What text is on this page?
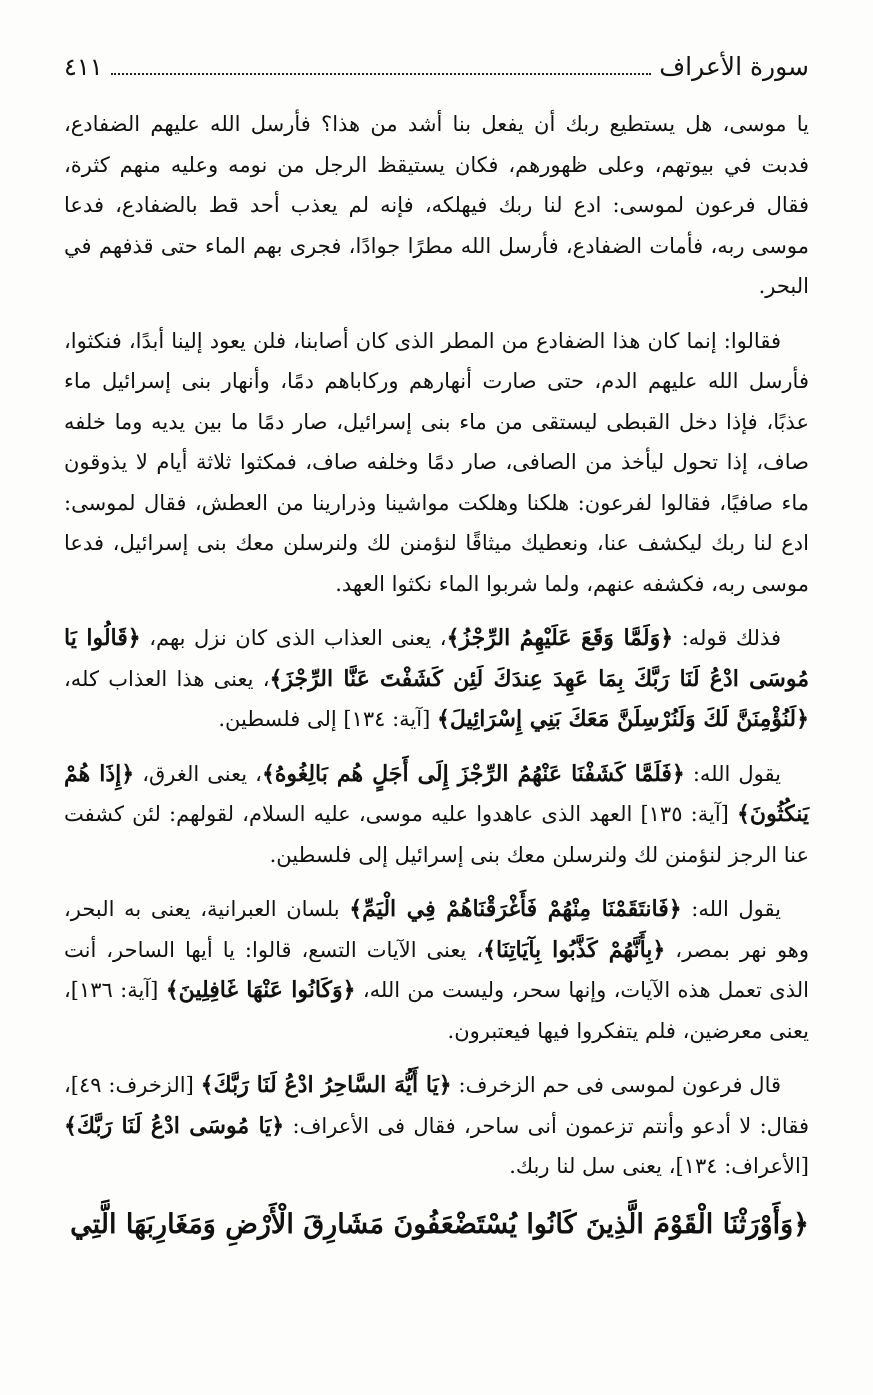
سورة الأعراف
٤١١

يا موسى، هل يستطيع ربك أن يفعل بنا أشد من هذا؟ فأرسل الله عليهم الضفادع، فدبت في بيوتهم، وعلى ظهورهم، فكان يستيقظ الرجل من نومه وعليه منهم كثرة، فقال فرعون لموسى: ادع لنا ربك فيهلكه، فإنه لم يعذب أحد قط بالضفادع، فدعا موسى ربه، فأمات الضفادع، فأرسل الله مطرًا جوادًا، فجرى بهم الماء حتى قذفهم في البحر.

فقالوا: إنما كان هذا الضفادع من المطر الذى كان أصابنا، فلن يعود إلينا أبدًا، فنكثوا، فأرسل الله عليهم الدم، حتى صارت أنهارهم وركاباهم دمًا، وأنهار بنى إسرائيل ماء عذبًا، فإذا دخل القبطى ليستقى من ماء بنى إسرائيل، صار دمًا ما بين يديه وما خلفه صاف، إذا تحول ليأخذ من الصافى، صار دمًا وخلفه صاف، فمكثوا ثلاثة أيام لا يذوقون ماء صافيًا، فقالوا لفرعون: هلكنا وهلكت مواشينا وذرارينا من العطش، فقال لموسى: ادع لنا ربك ليكشف عنا، ونعطيك ميثاقًا لنؤمنن لك ولنرسلن معك بنى إسرائيل، فدعا موسى ربه، فكشفه عنهم، ولما شربوا الماء نكثوا العهد.

فذلك قوله: ﴿وَلَمَّا وَقَعَ عَلَيْهِمُ الرِّجْزُ﴾، يعنى العذاب الذى كان نزل بهم، ﴿قَالُوا يَا مُوسَى ادْعُ لَنَا رَبَّكَ بِمَا عَهِدَ عِندَكَ لَئِن كَشَفْتَ عَنَّا الرِّجْزَ﴾، يعنى هذا العذاب كله، ﴿لَنُؤْمِنَنَّ لَكَ وَلَنُرْسِلَنَّ مَعَكَ بَنِي إِسْرَائِيلَ﴾ [آية: ١٣٤] إلى فلسطين.

يقول الله: ﴿فَلَمَّا كَشَفْنَا عَنْهُمُ الرِّجْزَ إِلَى أَجَلٍ هُم بَالِغُوهُ﴾، يعنى الغرق، ﴿إِذَا هُمْ يَنكُثُونَ﴾ [آية: ١٣٥] العهد الذى عاهدوا عليه موسى، عليه السلام، لقولهم: لئن كشفت عنا الرجز لنؤمنن لك ولنرسلن معك بنى إسرائيل إلى فلسطين.

يقول الله: ﴿فَانتَقَمْنَا مِنْهُمْ فَأَغْرَقْنَاهُمْ فِي الْيَمِّ﴾ بلسان العبرانية، يعنى به البحر، وهو نهر بمصر، ﴿بِأَنَّهُمْ كَذَّبُوا بِآيَاتِنَا﴾، يعنى الآيات التسع، قالوا: يا أيها الساحر، أنت الذى تعمل هذه الآيات، وإنها سحر، وليست من الله، ﴿وَكَانُوا عَنْهَا غَافِلِينَ﴾ [آية: ١٣٦]، يعنى معرضين، فلم يتفكروا فيها فيعتبرون.

قال فرعون لموسى فى حم الزخرف: ﴿يَا أَيُّهَ السَّاحِرُ ادْعُ لَنَا رَبَّكَ﴾ [الزخرف: ٤٩]، فقال: لا أدعو وأنتم تزعمون أنى ساحر، فقال فى الأعراف: ﴿يَا مُوسَى ادْعُ لَنَا رَبَّكَ﴾ [الأعراف: ١٣٤]، يعنى سل لنا ربك.

﴿وَأَوْرَثْنَا الْقَوْمَ الَّذِينَ كَانُوا يُسْتَضْعَفُونَ مَشَارِقَ الْأَرْضِ وَمَغَارِبَهَا الَّتِي
